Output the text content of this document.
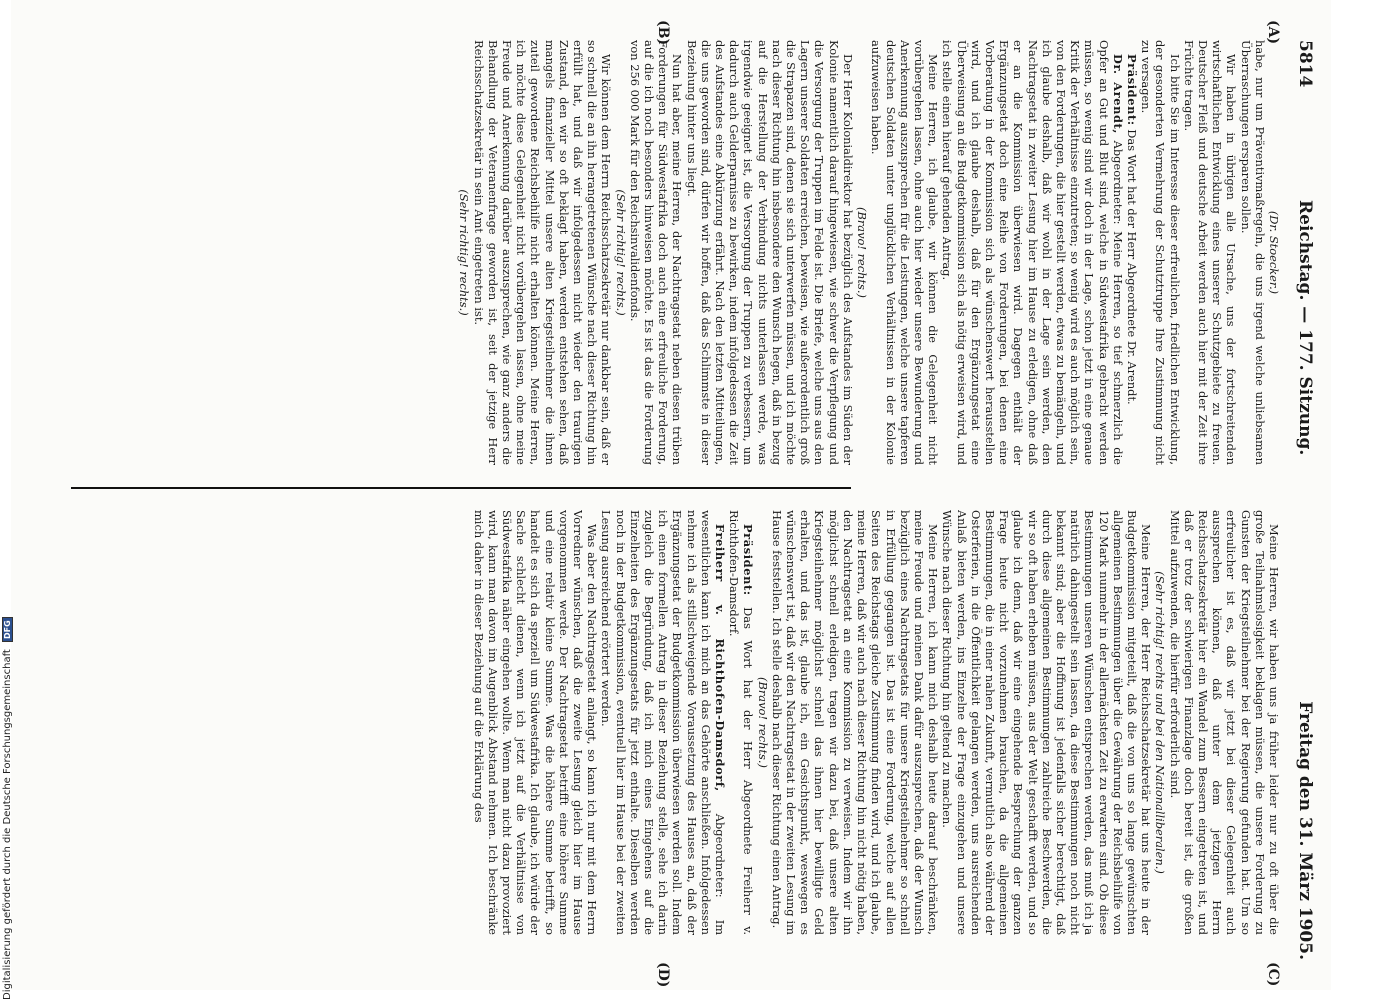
5814
Reichstag. — 177. Sitzung.
Freitag den 31. März 1905.
(A)
(B)
(C)
(D)

(Dr. Stoecker.)

habe, nur um Präventivmaßregeln, die uns irgend welche unliebsamen Überraschungen ersparen sollen.

Wir haben in übrigen alle Ursache, uns der fortschreitenden wirtschaftlichen Entwicklung eines unserer Schutzgebiete zu freuen. Deutscher Fleiß und deutsche Arbeit werden auch hier mit der Zeit ihre Früchte tragen.

Ich bitte Sie im Interesse dieser erfreulichen, friedlichen Entwicklung, der gesonderten Vermehrung der Schutztruppe Ihre Zustimmung nicht zu versagen.

Präsident: Das Wort hat der Herr Abgeordnete Dr. Arendt.

Dr. Arendt, Abgeordneter: Meine Herren, so tief schmerzlich die Opfer an Gut und Blut sind, welche in Südwestafrika gebracht werden müssen, so wenig sind wir doch in der Lage, schon jetzt in eine genaue Kritik der Verhältnisse einzutreten; so wenig wird es auch möglich sein, von den Forderungen, die hier gestellt werden, etwas zu bemängeln, und ich glaube deshalb, daß wir wohl in der Lage sein werden, den Nachtragsetat in zweiter Lesung hier im Hause zu erledigen, ohne daß er an die Kommission überwiesen wird. Dagegen enthält der Ergänzungsetat doch eine Reihe von Forderungen, bei denen eine Vorberatung in der Kommission sich als wünschenswert herausstellen wird, und ich glaube deshalb, daß für den Ergänzungsetat eine Überweisung an die Budgetkommission sich als nötig erweisen wird, und ich stelle einen hierauf gehenden Antrag.

Meine Herren, ich glaube, wir können die Gelegenheit nicht vorübergehen lassen, ohne auch hier wieder unsere Bewunderung und Anerkennung auszusprechen für die Leistungen, welche unsere tapferen deutschen Soldaten unter unglücklichen Verhältnissen in der Kolonie aufzuweisen haben.

(Bravo! rechts.)

Der Herr Kolonialdirektor hat bezüglich des Aufstandes im Süden der Kolonie namentlich darauf hingewiesen, wie schwer die Verpflegung und die Versorgung der Truppen im Felde ist. Die Briefe, welche uns aus den Lagern unserer Soldaten erreichen, beweisen, wie außerordentlich groß die Strapazen sind, denen sie sich unterwerfen müssen, und ich möchte nach dieser Richtung hin insbesondere den Wunsch hegen, daß in bezug auf die Herstellung der Verbindung nichts unterlassen werde, was irgendwie geeignet ist, die Versorgung der Truppen zu verbessern, um dadurch auch Gelderparnisse zu bewirken, indem infolgedessen die Zeit des Aufstandes eine Abkürzung erfährt. Nach den letzten Mitteilungen, die uns geworden sind, dürfen wir hoffen, daß das Schlimmste in dieser Beziehung hinter uns liegt.

Nun hat aber, meine Herren, der Nachtragsetat neben diesen trüben Forderungen für Südwestafrika doch auch eine erfreuliche Forderung, auf die ich noch besonders hinweisen möchte. Es ist das die Forderung von 256 000 Mark für den Reichsinvalidenfonds.

(Sehr richtig! rechts.)

Wir können dem Herrn Reichsschatzsekretär nur dankbar sein, daß er so schnell die an ihn herangetretenen Wünsche nach dieser Richtung hin erfüllt hat, und daß wir infolgedessen nicht wieder den traurigen Zustand, den wir so oft beklagt haben, werden entstehen sehen, daß mangels finanzieller Mittel unsere alten Kriegsteilnehmer die ihnen zuteil gewordene Reichsbeihilfe nicht erhalten können. Meine Herren, ich möchte diese Gelegenheit nicht vorübergehen lassen, ohne meine Freude und Anerkennung darüber auszusprechen, wie ganz anders die Behandlung der Veteranenfrage geworden ist, seit der jetzige Herr Reichsschatzsekretär in sein Amt eingetreten ist.

(Sehr richtig! rechts.)

Meine Herren, wir haben uns ja früher leider nur zu oft über die große Teilnahmslosigkeit beklagen müssen, die unsere Forderung zu Gunsten der Kriegsteilnehmer bei der Regierung gefunden hat. Um so erfreulicher ist es, daß wir jetzt bei dieser Gelegenheit auch aussprechen können, daß unter dem jetzigen Herrn Reichsschatzsekretär hier ein Wandel zum Bessern eingetreten ist, und daß er trotz der schwierigen Finanzlage doch bereit ist, die großen Mittel aufzuwenden, die hierfür erforderlich sind.

(Sehr richtig! rechts und bei den Nationalliberalen.)

Meine Herren, der Herr Reichsschatzsekretär hat uns heute in der Budgetkommission mitgeteilt, daß die von uns so lange gewünschten allgemeinen Bestimmungen über die Gewährung der Reichsbeihilfe von 120 Mark nunmehr in der allernächsten Zeit zu erwarten sind. Ob diese Bestimmungen unseren Wünschen entsprechen werden, das muß ich ja natürlich dahingestellt sein lassen, da diese Bestimmungen noch nicht bekannt sind; aber die Hoffnung ist jedenfalls sicher berechtigt, daß durch diese allgemeinen Bestimmungen zahlreiche Beschwerden, die wir so oft haben erheben müssen, aus der Welt geschafft werden, und so glaube ich denn, daß wir eine eingehende Besprechung der ganzen Frage heute nicht vorzunehmen brauchen, da die allgemeinen Bestimmungen, die in einer nahen Zukunft, vermutlich also während der Osterferien, in die Öffentlichkeit gelangen werden, uns ausreichenden Anlaß bieten werden, ins Einzelne der Frage einzugehen und unsere Wünsche nach dieser Richtung hin geltend zu machen.

Meine Herren, ich kann mich deshalb heute darauf beschränken, meine Freude und meinen Dank dafür auszusprechen, daß der Wunsch bezüglich eines Nachtragsetats für unsere Kriegsteilnehmer so schnell in Erfüllung gegangen ist. Das ist eine Forderung, welche auf allen Seiten des Reichstags gleiche Zustimmung finden wird, und ich glaube, meine Herren, daß wir auch nach dieser Richtung hin nicht nötig haben, den Nachtragsetat an eine Kommission zu verweisen. Indem wir ihn möglichst schnell erledigen, tragen wir dazu bei, daß unsere alten Kriegsteilnehmer möglichst schnell das ihnen hier bewilligte Geld erhalten, und das ist, glaube ich, ein Gesichtspunkt, weswegen es wünschenswert ist, daß wir den Nachtragsetat in der zweiten Lesung im Hause feststellen. Ich stelle deshalb nach dieser Richtung einen Antrag.

(Bravo! rechts.)

Präsident: Das Wort hat der Herr Abgeordnete Freiherr v. Richthofen-Damsdorf.

Freiherr v. Richthofen-Damsdorf, Abgeordneter: Im wesentlichen kann ich mich an das Gehörte anschließen. Infolgedessen nehme ich als stillschweigende Voraussetzung des Hauses an, daß der Ergänzungsetat der Budgetkommission überwiesen werden soll. Indem ich einen formellen Antrag in dieser Beziehung stelle, sehe ich darin zugleich die Begründung, daß ich mich eines Eingehens auf die Einzelheiten des Ergänzungsetats für jetzt enthalte. Dieselben werden noch in der Budgetkommission, eventuell hier im Hause bei der zweiten Lesung ausreichend erörtert werden.

Was aber den Nachtragsetat anlangt, so kann ich nur mit dem Herrn Vorredner wünschen, daß die zweite Lesung gleich hier im Hause vorgenommen werde. Der Nachtragsetat betrifft eine höhere Summe und eine relativ kleine Summe. Was die höhere Summe betrifft, so handelt es sich da speziell um Südwestafrika. Ich glaube, ich würde der Sache schlecht dienen, wenn ich jetzt auf die Verhältnisse von Südwestafrika näher eingehen wollte. Wenn man nicht dazu provoziert wird, kann man davon im Augenblick Abstand nehmen. Ich beschränke mich daher in dieser Beziehung auf die Erklärung des

Digitalisierung gefördert durch die Deutsche Forschungsgemeinschaft DFG
